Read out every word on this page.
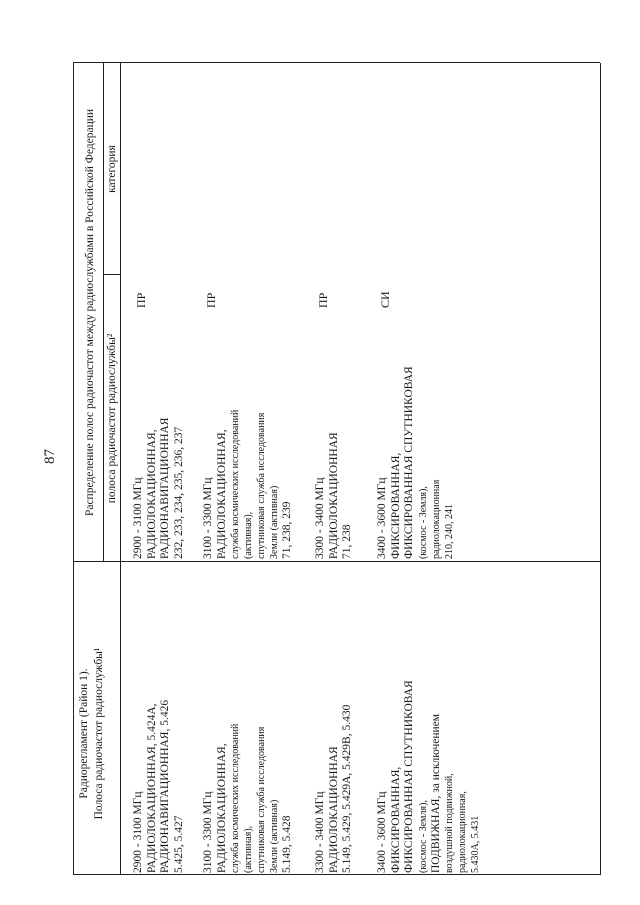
87
Радиорегламент (Район 1). Полоса радиочастот радиослужбы¹
Распределение полос радиочастот между радиослужбами в Российской Федерации полоса радиочастот радиослужбы²
категория
2900 - 3100 МГц РАДИОЛОКАЦИОННАЯ, 5.424A, РАДИОНАВИГАЦИОННАЯ, 5.426 5.425, 5.427
2900 - 3100 МГц РАДИОЛОКАЦИОННАЯ, РАДИОНАВИГАЦИОННАЯ 232, 233, 234, 235, 236, 237
ПР
3100 - 3300 МГц РАДИОЛОКАЦИОННАЯ, служба космических исследований (активная), спутниковая служба исследования Земли (активная) 5.149, 5.428
3100 - 3300 МГц РАДИОЛОКАЦИОННАЯ, служба космических исследований (активная), спутниковая служба исследования Земли (активная) 71, 238, 239
ПР
3300 - 3400 МГц РАДИОЛОКАЦИОННАЯ 5.149, 5.429, 5.429A, 5.429B, 5.430
3300 - 3400 МГц РАДИОЛОКАЦИОННАЯ 71, 238
ПР
3400 - 3600 МГц ФИКСИРОВАННАЯ, ФИКСИРОВАННАЯ СПУТНИКОВАЯ (космос - Земля), ПОДВИЖНАЯ, за исключением воздушной подвижной, радиолокационная, 5.430A, 5.431
3400 - 3600 МГц ФИКСИРОВАННАЯ, ФИКСИРОВАННАЯ СПУТНИКОВАЯ (космос - Земля), радиолокационная 210, 240, 241
СИ
